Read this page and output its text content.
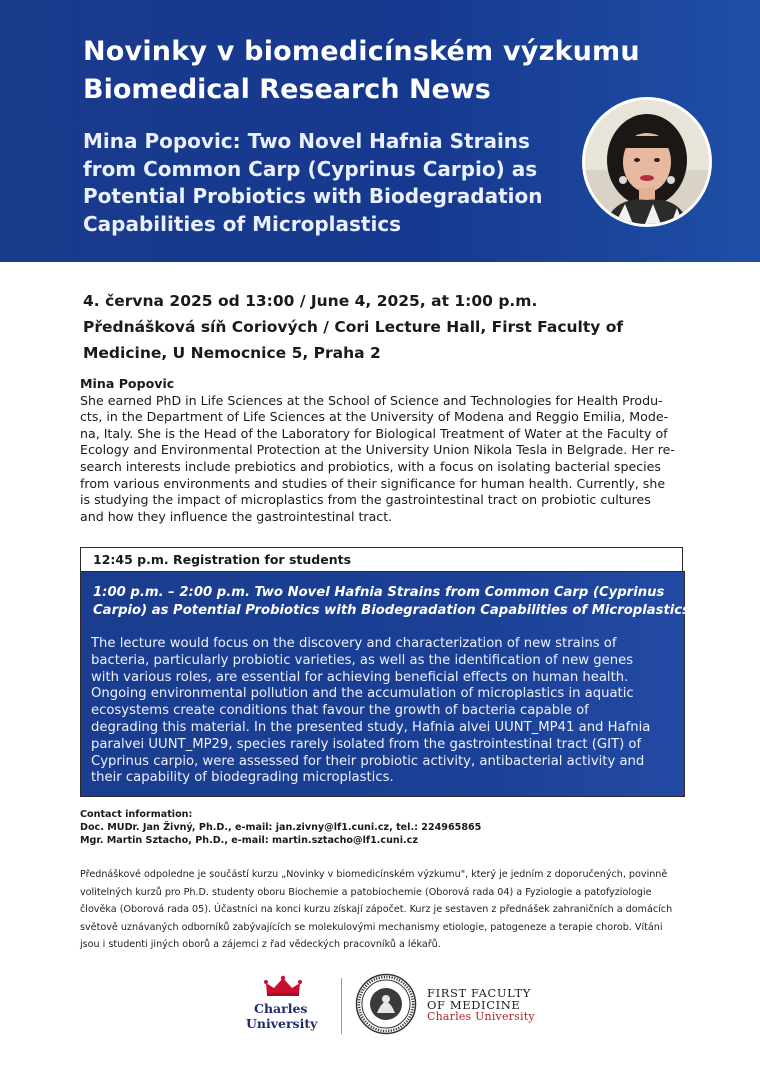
Novinky v biomedicínském výzkumu
Biomedical Research News
Mina Popovic: Two Novel Hafnia Strains
from Common Carp (Cyprinus Carpio) as
Potential Probiotics with Biodegradation
Capabilities of Microplastics
4. června 2025 od 13:00 / June 4, 2025, at 1:00 p.m.
Přednášková síň Coriových / Cori Lecture Hall, First Faculty of
Medicine, U Nemocnice 5, Praha 2
Mina Popovic
She earned PhD in Life Sciences at the School of Science and Technologies for Health Produ-
cts, in the Department of Life Sciences at the University of Modena and Reggio Emilia, Mode-
na, Italy. She is the Head of the Laboratory for Biological Treatment of Water at the Faculty of
Ecology and Environmental Protection at the University Union Nikola Tesla in Belgrade. Her re-
search interests include prebiotics and probiotics, with a focus on isolating bacterial species
from various environments and studies of their significance for human health. Currently, she
is studying the impact of microplastics from the gastrointestinal tract on probiotic cultures
and how they influence the gastrointestinal tract.
12:45 p.m. Registration for students
1:00 p.m. – 2:00 p.m. Two Novel Hafnia Strains from Common Carp (Cyprinus
Carpio) as Potential Probiotics with Biodegradation Capabilities of Microplastics
The lecture would focus on the discovery and characterization of new strains of
bacteria, particularly probiotic varieties, as well as the identification of new genes
with various roles, are essential for achieving beneficial effects on human health.
Ongoing environmental pollution and the accumulation of microplastics in aquatic
ecosystems create conditions that favour the growth of bacteria capable of
degrading this material. In the presented study, Hafnia alvei UUNT_MP41 and Hafnia
paralvei UUNT_MP29, species rarely isolated from the gastrointestinal tract (GIT) of
Cyprinus carpio, were assessed for their probiotic activity, antibacterial activity and
their capability of biodegrading microplastics.
Contact information:
Doc. MUDr. Jan Živný, Ph.D., e-mail: jan.zivny@lf1.cuni.cz, tel.: 224965865
Mgr. Martin Sztacho, Ph.D., e-mail: martin.sztacho@lf1.cuni.cz
Přednáškové odpoledne je součástí kurzu „Novinky v biomedicínském výzkumu", který je jedním z doporučených, povinně
volitelných kurzů pro Ph.D. studenty oboru Biochemie a patobiochemie (Oborová rada 04) a Fyziologie a patofyziologie
člověka (Oborová rada 05). Účastníci na konci kurzu získají zápočet. Kurz je sestaven z přednášek zahraničních a domácích
světově uznávaných odborníků zabývajících se molekulovými mechanismy etiologie, patogeneze a terapie chorob. Vítáni
jsou i studenti jiných oborů a zájemci z řad vědeckých pracovníků a lékařů.
Charles
University
FIRST FACULTY
OF MEDICINE
Charles University
